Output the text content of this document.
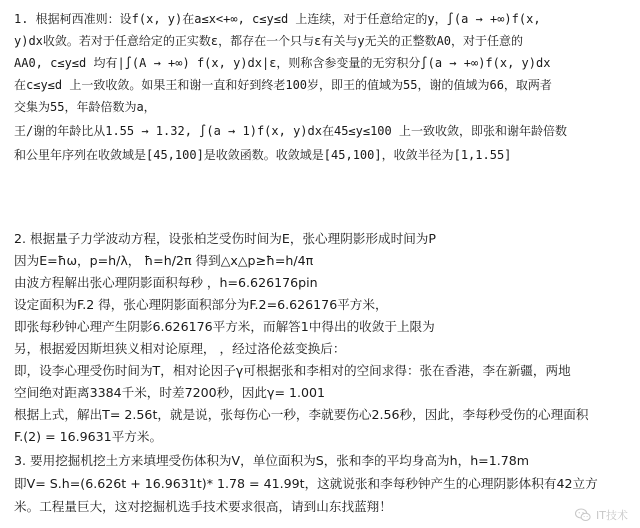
1. 根据柯西准则：设f(x, y)在a≤x<+∞, c≤y≤d 上连续，对于任意给定的y，∫(a → +∞)f(x,
y)dx收敛。若对于任意给定的正实数ε，都存在一个只与ε有关与y无关的正整数A0，对于任意的
AA0, c≤y≤d 均有|∫(A → +∞) f(x, y)dx|ε，则称含参变量的无穷积分∫(a → +∞)f(x, y)dx
在c≤y≤d 上一致收敛。如果王和谢一直和好到终老100岁，即王的值域为55，谢的值域为66，取两者
交集为55，年龄倍数为a，
王/谢的年龄比从1.55 → 1.32, ∫(a → 1)f(x, y)dx在45≤y≤100 上一致收敛，即张和谢年龄倍数
和公里年序列在收敛域是[45,100]是收敛函数。收敛域是[45,100]，收敛半径为[1,1.55]
2. 根据量子力学波动方程，设张柏芝受伤时间为E，张心理阴影形成时间为P
因为E=ħω，p=h/λ， ħ=h/2π 得到△x△p≥ħ=h/4π
由波方程解出张心理阴影面积每秒 ，h=6.626176pin
设定面积为F.2 得，张心理阴影面积部分为F.2=6.626176平方米，
即张每秒钟心理产生阴影6.626176平方米，而解答1中得出的收敛于上限为
另，根据爱因斯坦狭义相对论原理， ，经过洛伦兹变换后：
即，设李心理受伤时间为T，相对论因子γ可根据张和李相对的空间求得：张在香港，李在新疆，两地
空间绝对距离3384千米，时差7200秒，因此γ= 1.001
根据上式，解出T= 2.56t，就是说，张每伤心一秒，李就要伤心2.56秒，因此，李每秒受伤的心理面积
F.(2) = 16.9631平方米。
3. 要用挖掘机挖土方来填埋受伤体积为V，单位面积为S，张和李的平均身高为h，h=1.78m
即V= S.h=(6.626t + 16.9631t)* 1.78 = 41.99t，这就说张和李每秒钟产生的心理阴影体积有42立方
米。工程量巨大，这对挖掘机选手技术要求很高，请到山东找蓝翔！
IT技术
